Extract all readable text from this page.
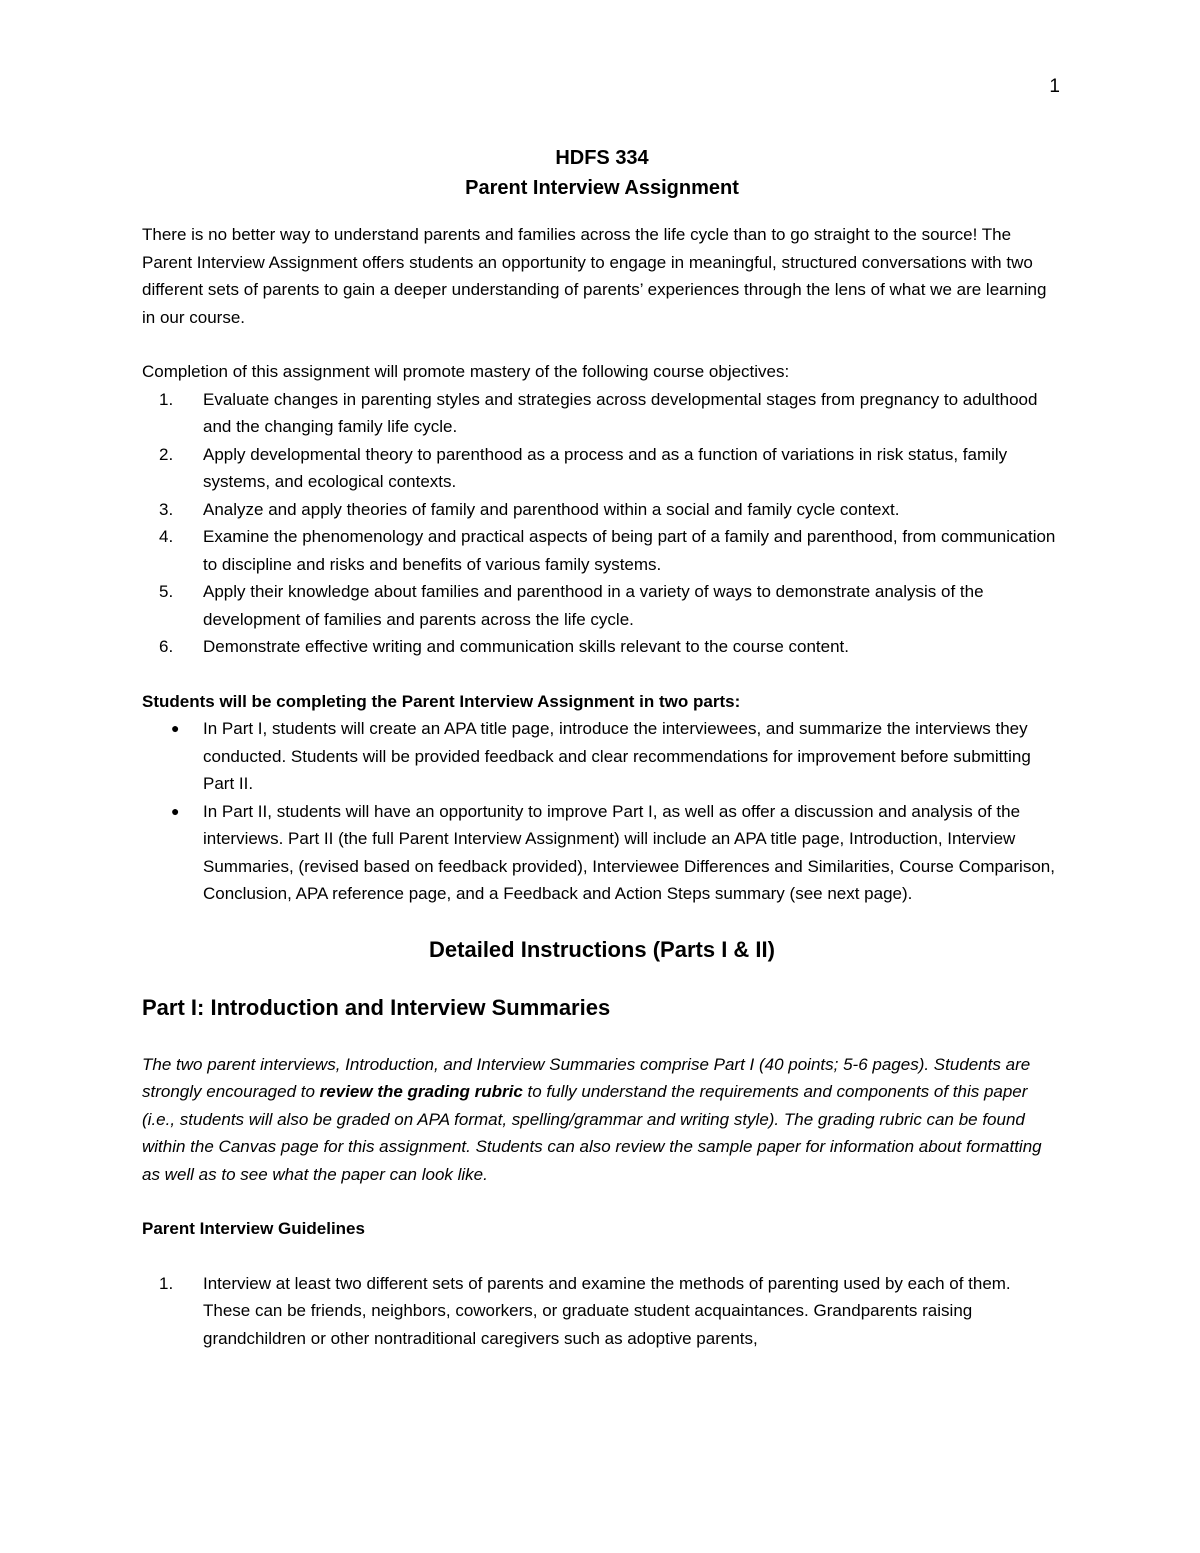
1
HDFS 334
Parent Interview Assignment

There is no better way to understand parents and families across the life cycle than to go straight to the source! The Parent Interview Assignment offers students an opportunity to engage in meaningful, structured conversations with two different sets of parents to gain a deeper understanding of parents’ experiences through the lens of what we are learning in our course.

Completion of this assignment will promote mastery of the following course objectives:

1.	Evaluate changes in parenting styles and strategies across developmental stages from pregnancy to adulthood and the changing family life cycle.
2.	Apply developmental theory to parenthood as a process and as a function of variations in risk status, family systems, and ecological contexts.
3.	Analyze and apply theories of family and parenthood within a social and family cycle context.
4.	Examine the phenomenology and practical aspects of being part of a family and parenthood, from communication to discipline and risks and benefits of various family systems.
5.	Apply their knowledge about families and parenthood in a variety of ways to demonstrate analysis of the development of families and parents across the life cycle.
6.	Demonstrate effective writing and communication skills relevant to the course content.

Students will be completing the Parent Interview Assignment in two parts:

● In Part I, students will create an APA title page, introduce the interviewees, and summarize the interviews they conducted. Students will be provided feedback and clear recommendations for improvement before submitting Part II.
● In Part II, students will have an opportunity to improve Part I, as well as offer a discussion and analysis of the interviews. Part II (the full Parent Interview Assignment) will include an APA title page, Introduction, Interview Summaries, (revised based on feedback provided), Interviewee Differences and Similarities, Course Comparison, Conclusion, APA reference page, and a Feedback and Action Steps summary (see next page).
Detailed Instructions (Parts I & II)
Part I: Introduction and Interview Summaries

The two parent interviews, Introduction, and Interview Summaries comprise Part I (40 points; 5-6 pages). Students are strongly encouraged to review the grading rubric to fully understand the requirements and components of this paper (i.e., students will also be graded on APA format, spelling/grammar and writing style). The grading rubric can be found within the Canvas page for this assignment. Students can also review the sample paper for information about formatting as well as to see what the paper can look like.

Parent Interview Guidelines

1.	Interview at least two different sets of parents and examine the methods of parenting used by each of them. These can be friends, neighbors, coworkers, or graduate student acquaintances. Grandparents raising grandchildren or other nontraditional caregivers such as adoptive parents,
